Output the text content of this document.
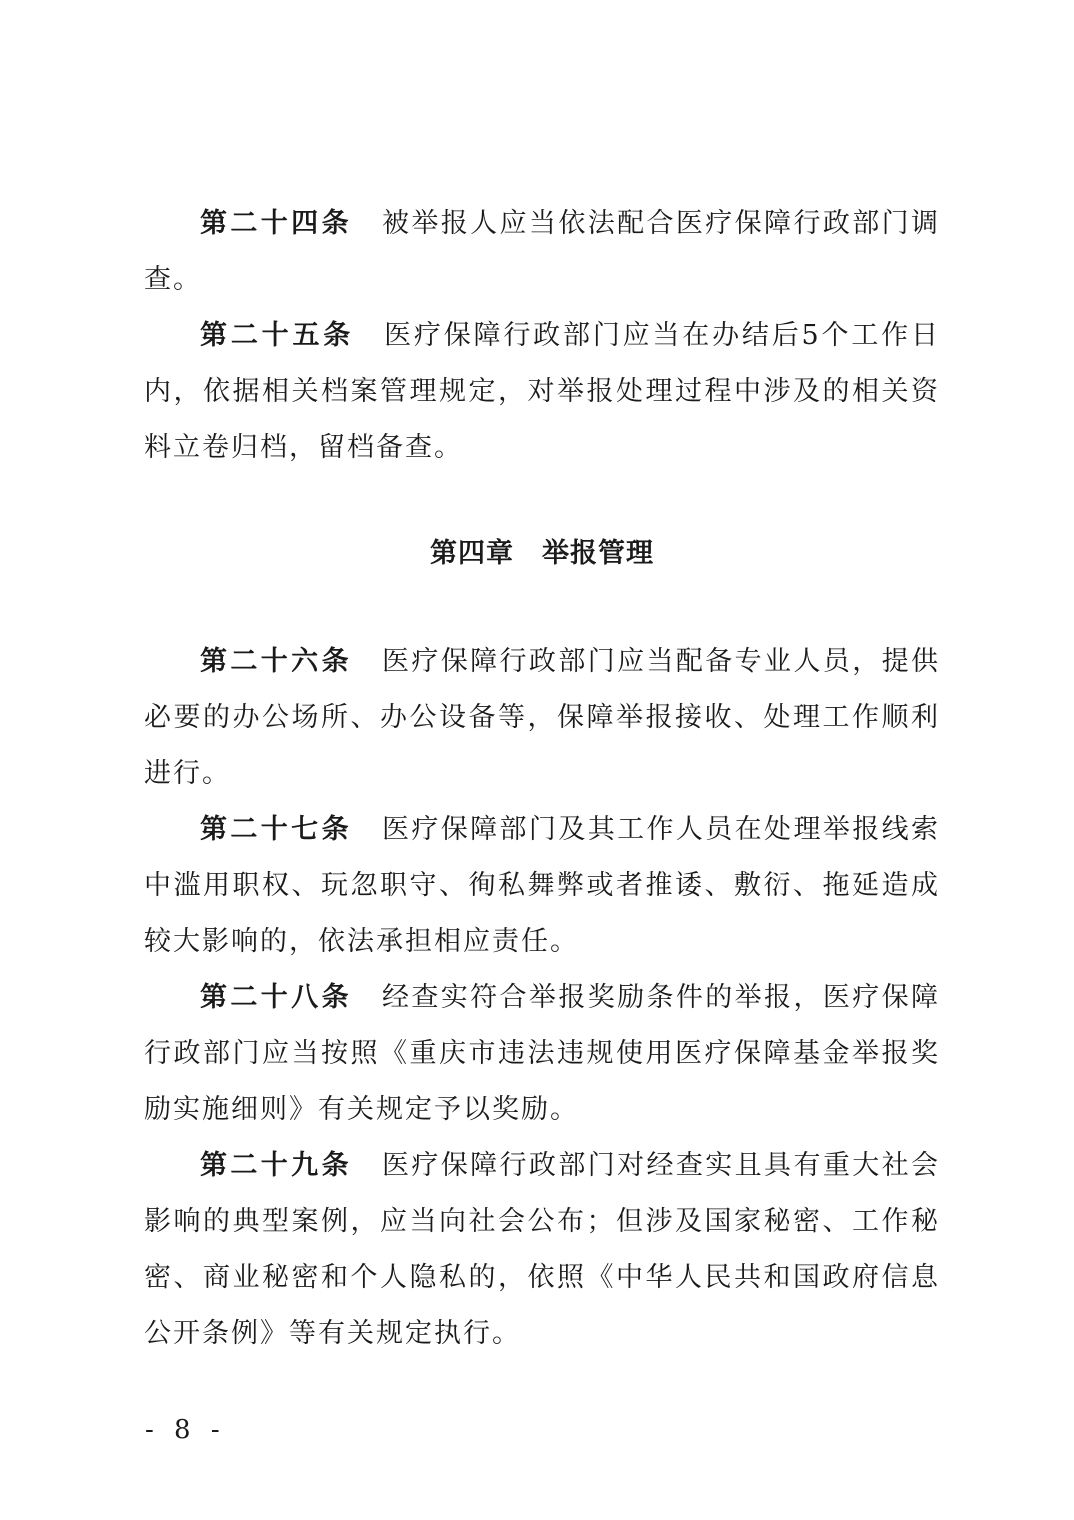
第二十四条 被举报人应当依法配合医疗保障行政部门调查。

第二十五条 医疗保障行政部门应当在办结后5个工作日内，依据相关档案管理规定，对举报处理过程中涉及的相关资料立卷归档，留档备查。

第四章 举报管理

第二十六条 医疗保障行政部门应当配备专业人员，提供必要的办公场所、办公设备等，保障举报接收、处理工作顺利进行。

第二十七条 医疗保障部门及其工作人员在处理举报线索中滥用职权、玩忽职守、徇私舞弊或者推诿、敷衍、拖延造成较大影响的，依法承担相应责任。

第二十八条 经查实符合举报奖励条件的举报，医疗保障行政部门应当按照《重庆市违法违规使用医疗保障基金举报奖励实施细则》有关规定予以奖励。

第二十九条 医疗保障行政部门对经查实且具有重大社会影响的典型案例，应当向社会公布；但涉及国家秘密、工作秘密、商业秘密和个人隐私的，依照《中华人民共和国政府信息公开条例》等有关规定执行。

- 8 -
